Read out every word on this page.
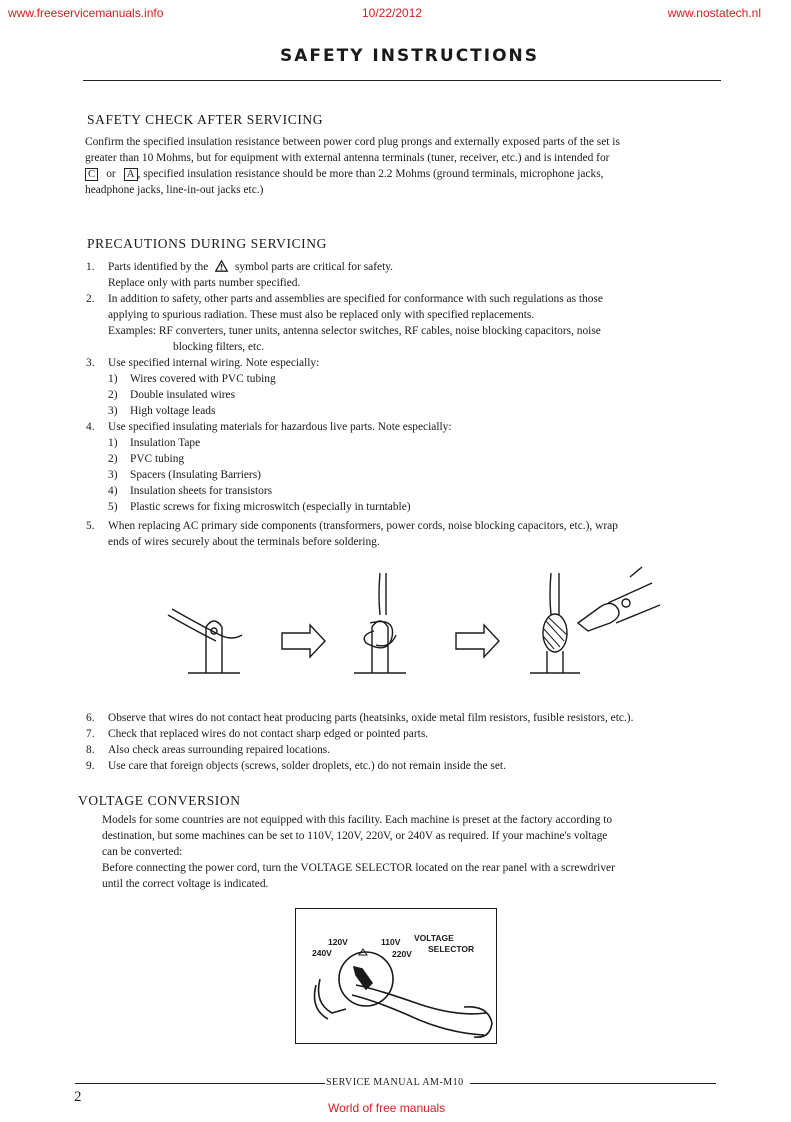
www.freeservicemanuals.info	10/22/2012	www.nostatech.nl
SAFETY INSTRUCTIONS
SAFETY CHECK AFTER SERVICING
Confirm the specified insulation resistance between power cord plug prongs and externally exposed parts of the set is
greater than 10 Mohms, but for equipment with external antenna terminals (tuner, receiver, etc.) and is intended for
C or A , specified insulation resistance should be more than 2.2 Mohms (ground terminals, microphone jacks,
headphone jacks, line-in-out jacks etc.)
PRECAUTIONS DURING SERVICING
1. Parts identified by the symbol parts are critical for safety.
Replace only with parts number specified.
2. In addition to safety, other parts and assemblies are specified for conformance with such regulations as those
applying to spurious radiation. These must also be replaced only with specified replacements.
Examples: RF converters, tuner units, antenna selector switches, RF cables, noise blocking capacitors, noise
blocking filters, etc.
3. Use specified internal wiring. Note especially:
1) Wires covered with PVC tubing
2) Double insulated wires
3) High voltage leads
4. Use specified insulating materials for hazardous live parts. Note especially:
1) Insulation Tape
2) PVC tubing
3) Spacers (Insulating Barriers)
4) Insulation sheets for transistors
5) Plastic screws for fixing microswitch (especially in turntable)
5. When replacing AC primary side components (transformers, power cords, noise blocking capacitors, etc.), wrap
ends of wires securely about the terminals before soldering.
6. Observe that wires do not contact heat producing parts (heatsinks, oxide metal film resistors, fusible resistors, etc.).
7. Check that replaced wires do not contact sharp edged or pointed parts.
8. Also check areas surrounding repaired locations.
9. Use care that foreign objects (screws, solder droplets, etc.) do not remain inside the set.
VOLTAGE CONVERSION
Models for some countries are not equipped with this facility. Each machine is preset at the factory according to
destination, but some machines can be set to 110V, 120V, 220V, or 240V as required. If your machine's voltage
can be converted:
Before connecting the power cord, turn the VOLTAGE SELECTOR located on the rear panel with a screwdriver
until the correct voltage is indicated.
120V	110V
240V	220V
VOLTAGE
SELECTOR
SERVICE MANUAL AM-M10
2
World of free manuals
